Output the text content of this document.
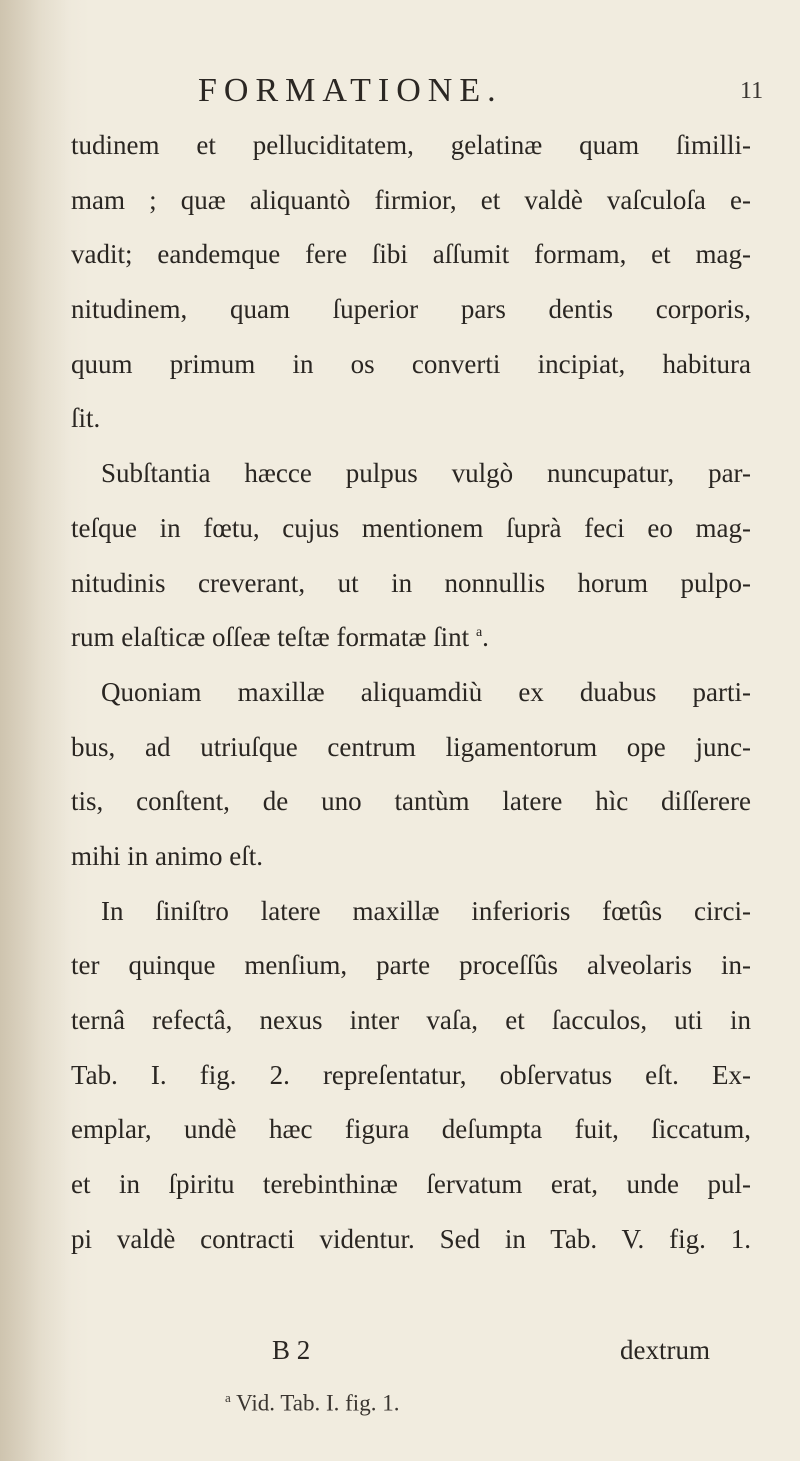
FORMATIONE.	11
tudinem et pelluciditatem, gelatinæ quam ſimilli-
mam ; quæ aliquantò firmior, et valdè vaſculoſa e-
vadit; eandemque fere ſibi aſſumit formam, et mag-
nitudinem, quam ſuperior pars dentis corporis,
quum primum in os converti incipiat, habitura
ſit.
Subſtantia hæcce pulpus vulgò nuncupatur, par-
teſque in fœtu, cujus mentionem ſuprà feci eo mag-
nitudinis creverant, ut in nonnullis horum pulpo-
rum elaſticæ oſſeæ teſtæ formatæ ſint $^a$.
Quoniam maxillæ aliquamdiù ex duabus parti-
bus, ad utriuſque centrum ligamentorum ope junc-
tis, conſtent, de uno tantùm latere hìc diſſerere
mihi in animo eſt.
In ſiniſtro latere maxillæ inferioris fœtûs circi-
ter quinque menſium, parte proceſſûs alveolaris in-
ternâ refectâ, nexus inter vaſa, et ſacculos, uti in
Tab. I. fig. 2. repreſentatur, obſervatus eſt. Ex-
emplar, undè hæc figura deſumpta fuit, ſiccatum,
et in ſpiritu terebinthinæ ſervatum erat, unde pul-
pi valdè contracti videntur. Sed in Tab. V. fig. 1.
B 2	dextrum
$^a$ Vid. Tab. I. fig. 1.
